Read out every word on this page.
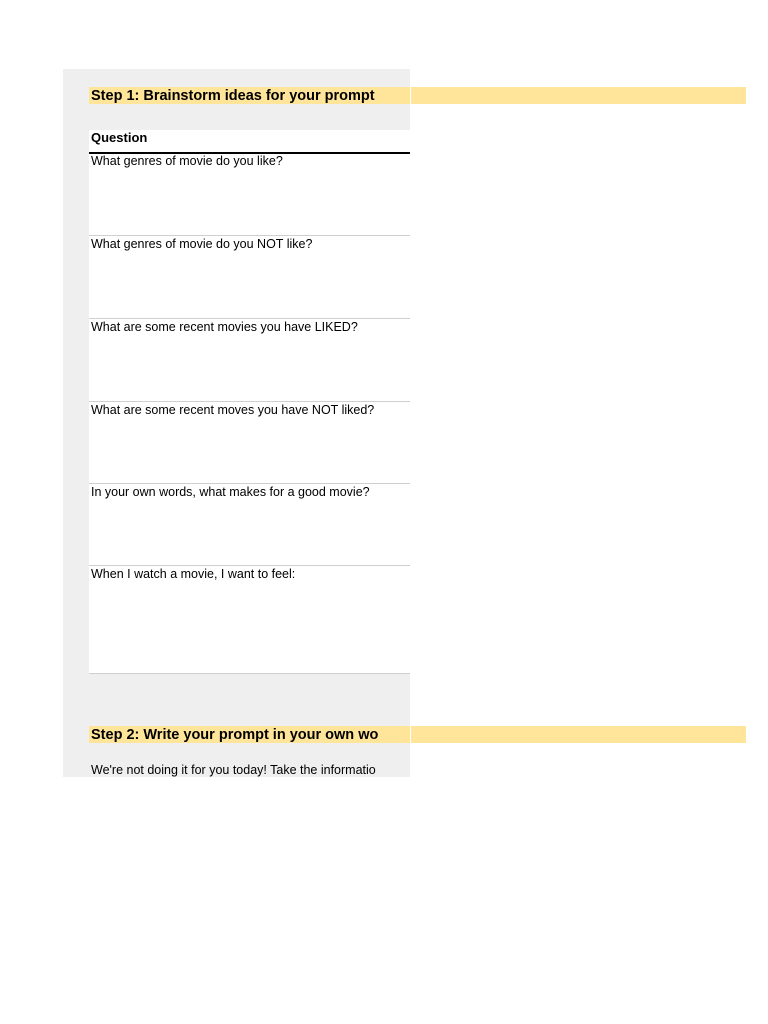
Step 1: Brainstorm ideas for your prompt
Question
What genres of movie do you like?
What genres of movie do you NOT like?
What are some recent movies you have LIKED?
What are some recent moves you have NOT liked?
In your own words, what makes for a good movie?
When I watch a movie, I want to feel:
Step 2: Write your prompt in your own wo
We're not doing it for you today! Take the informatio
